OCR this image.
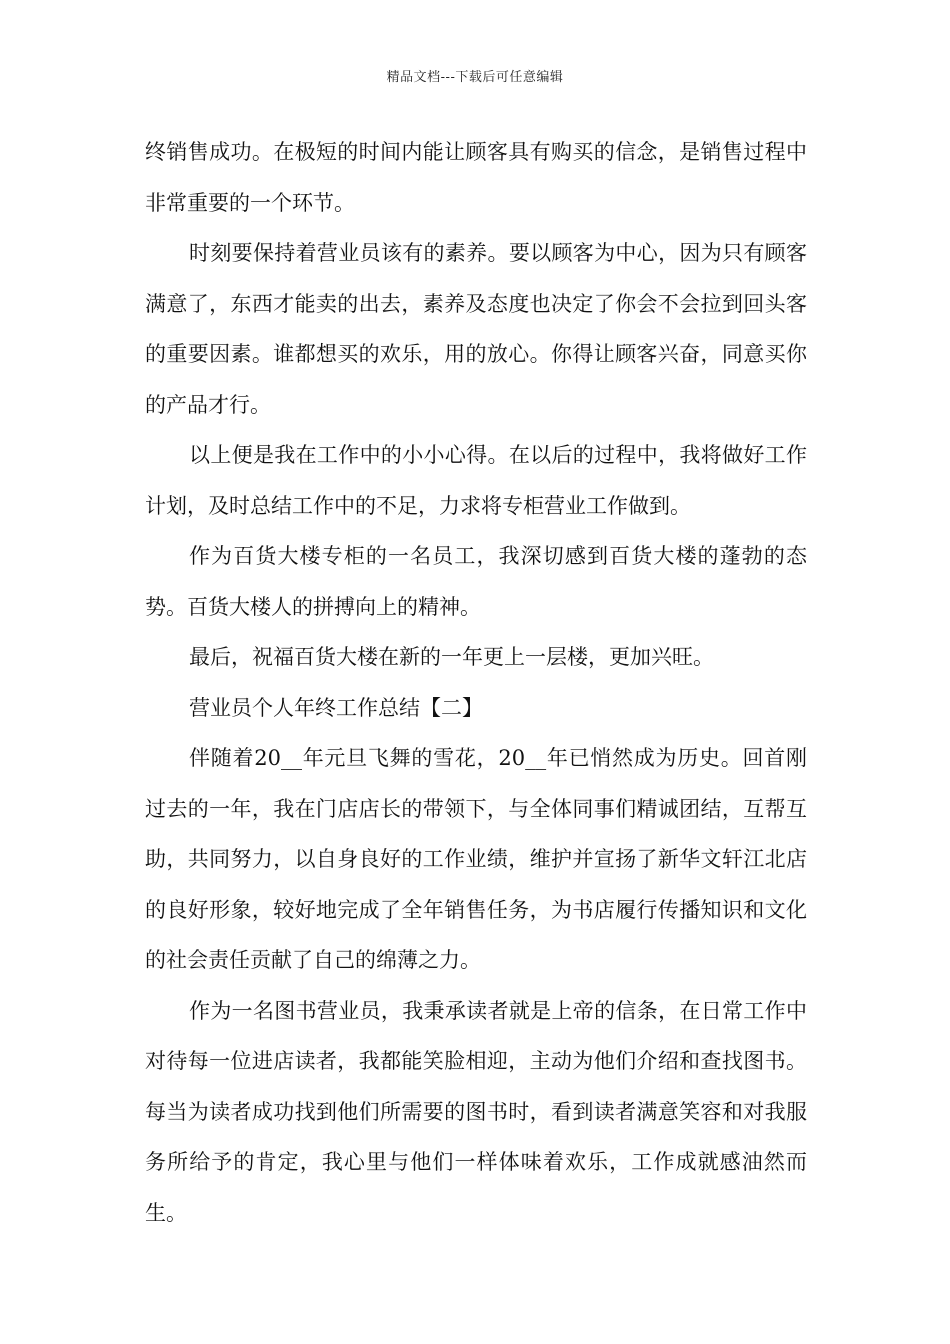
精品文档---下载后可任意编辑

终销售成功。在极短的时间内能让顾客具有购买的信念，是销售过程中非常重要的一个环节。

时刻要保持着营业员该有的素养。要以顾客为中心，因为只有顾客满意了，东西才能卖的出去，素养及态度也决定了你会不会拉到回头客的重要因素。谁都想买的欢乐，用的放心。你得让顾客兴奋，同意买你的产品才行。

以上便是我在工作中的小小心得。在以后的过程中，我将做好工作计划，及时总结工作中的不足，力求将专柜营业工作做到。

作为百货大楼专柜的一名员工，我深切感到百货大楼的蓬勃的态势。百货大楼人的拼搏向上的精神。

最后，祝福百货大楼在新的一年更上一层楼，更加兴旺。

营业员个人年终工作总结【二】

伴随着20__年元旦飞舞的雪花，20__年已悄然成为历史。回首刚过去的一年，我在门店店长的带领下，与全体同事们精诚团结，互帮互助，共同努力，以自身良好的工作业绩，维护并宣扬了新华文轩江北店的良好形象，较好地完成了全年销售任务，为书店履行传播知识和文化的社会责任贡献了自己的绵薄之力。

作为一名图书营业员，我秉承读者就是上帝的信条，在日常工作中对待每一位进店读者，我都能笑脸相迎，主动为他们介绍和查找图书。每当为读者成功找到他们所需要的图书时，看到读者满意笑容和对我服务所给予的肯定，我心里与他们一样体味着欢乐，工作成就感油然而生。
